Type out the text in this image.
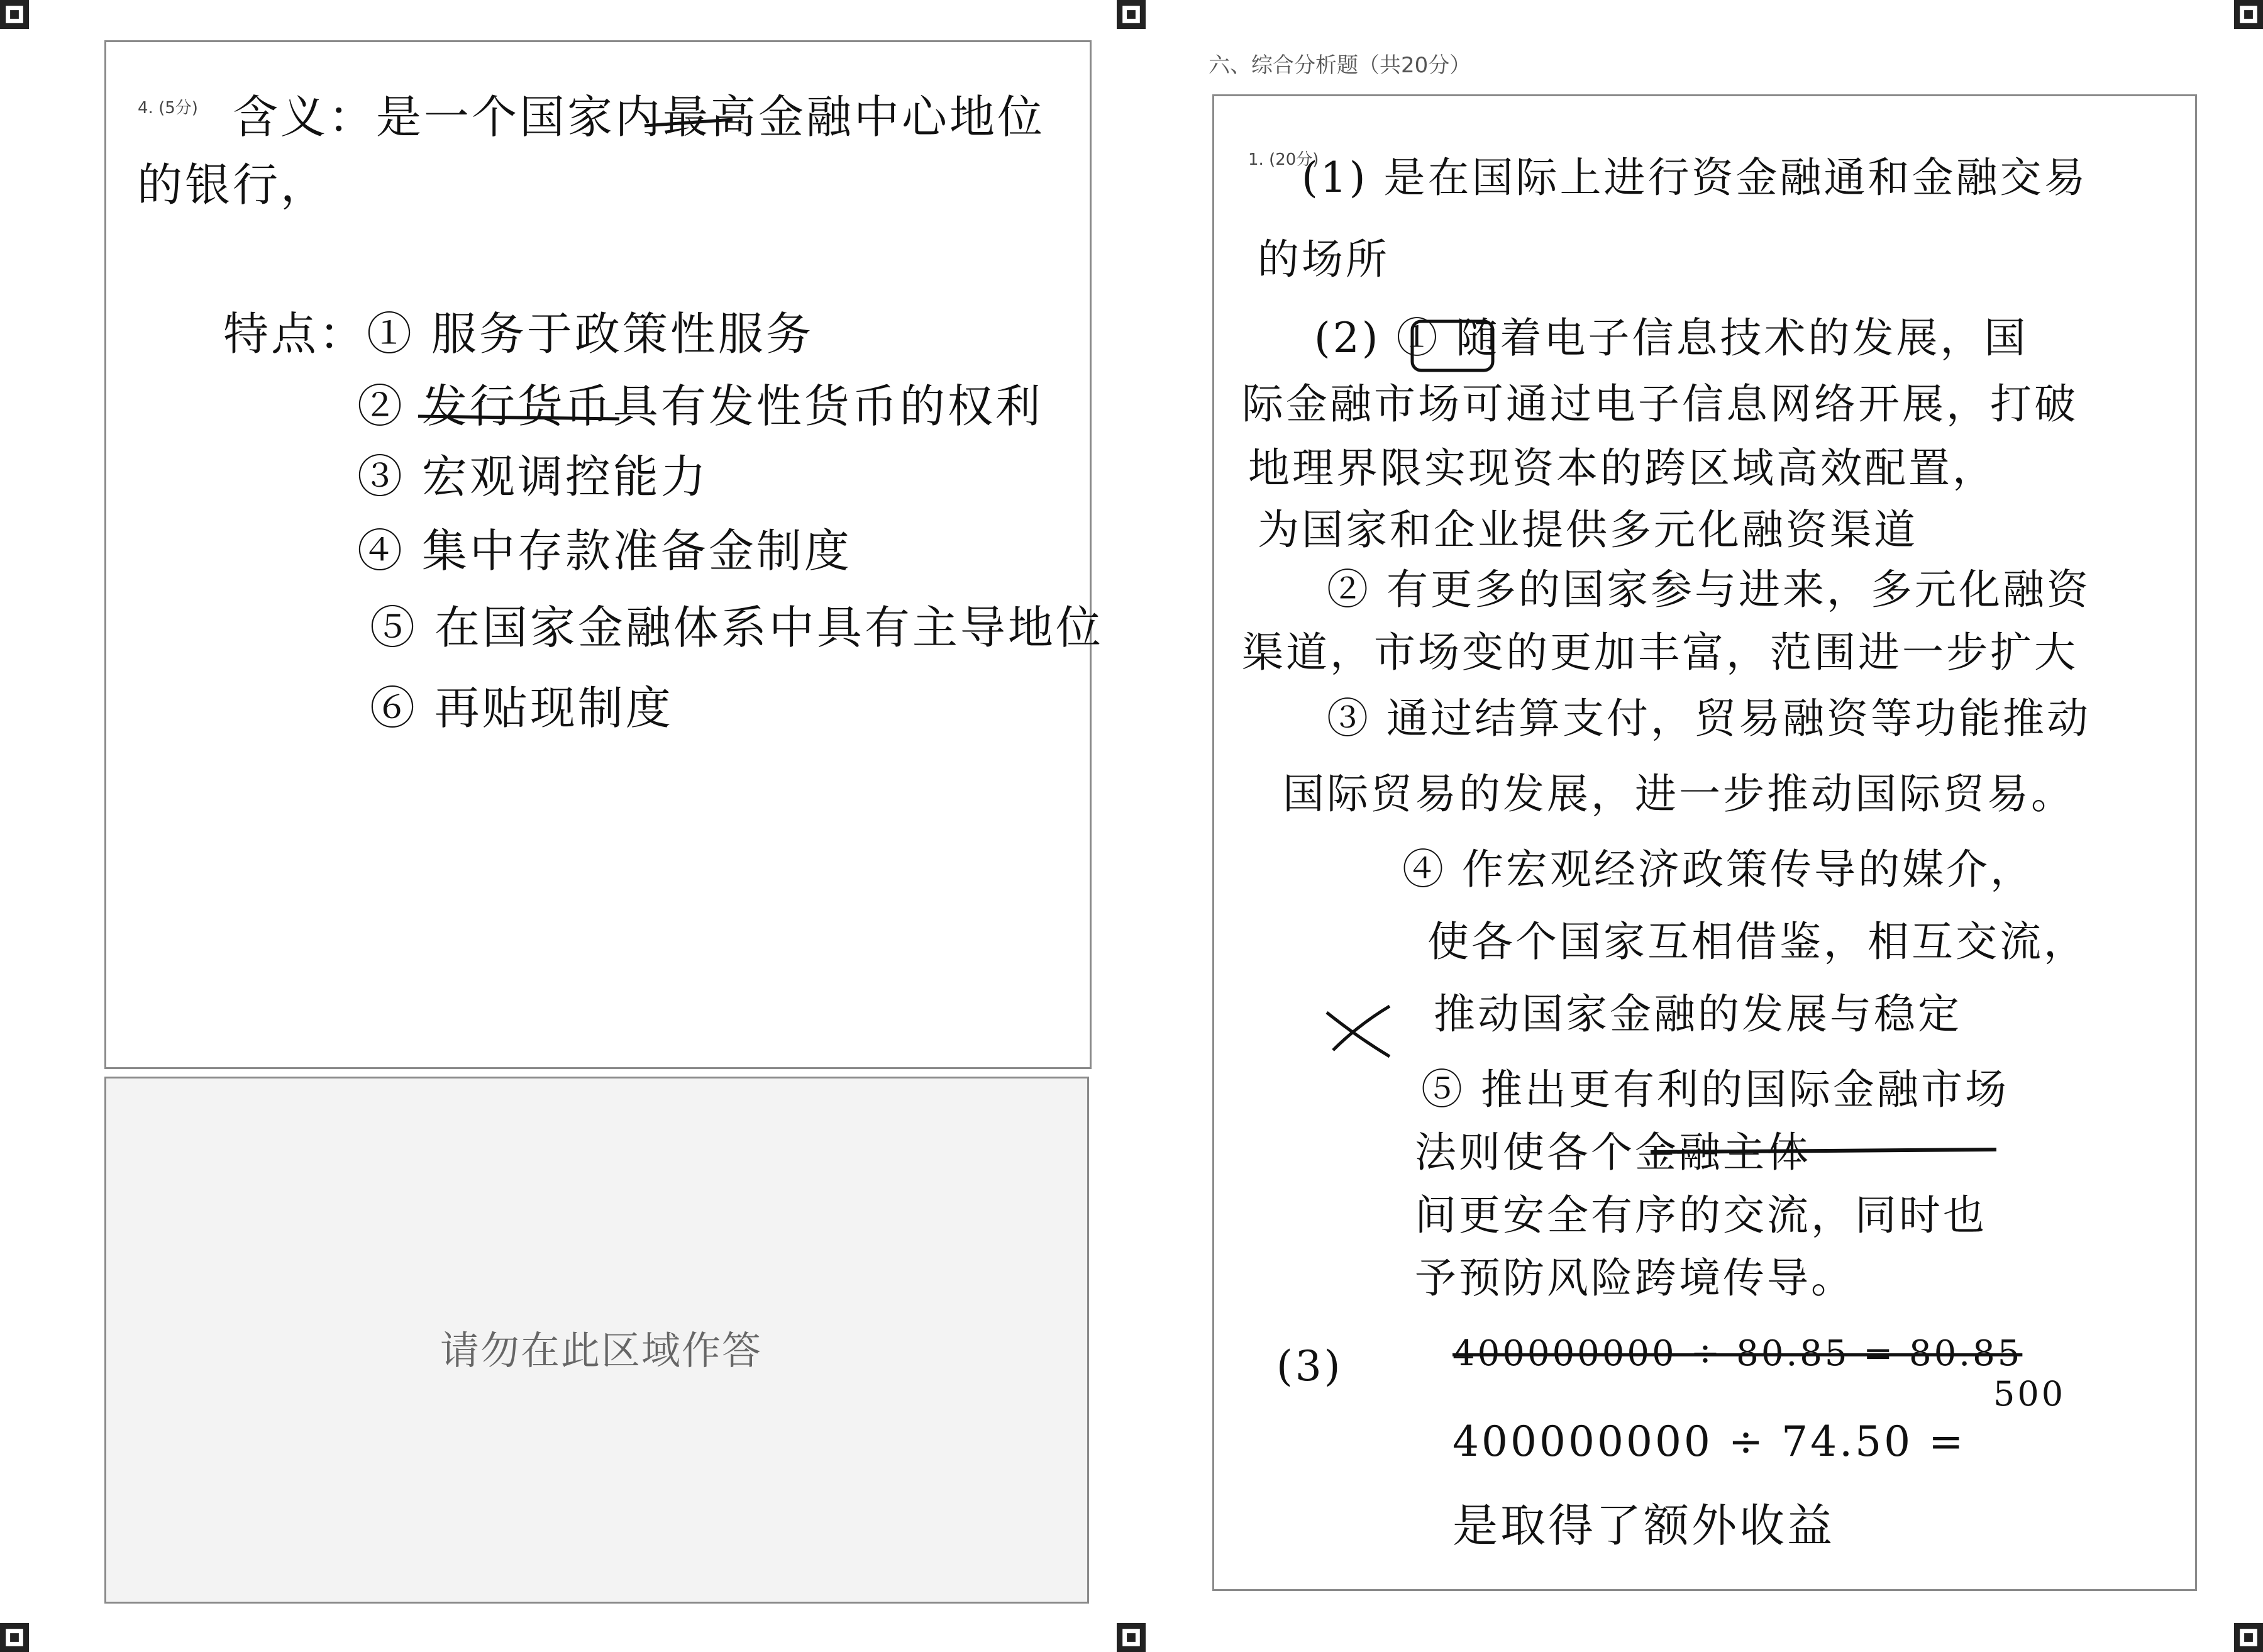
4. (5分) 含义：是一个国家内最高金融中心地位
的银行，
特点：① 服务于政策性服务
② 发行货币具有发性货币的权利
③ 宏观调控能力
④ 集中存款准备金制度
⑤ 在国家金融体系中具有主导地位
⑥ 再贴现制度
请勿在此区域作答
六、综合分析题（共20分）
1. (20分)
(1) 是在国际上进行资金融通和金融交易
的场所
(2) ① 随着电子信息技术的发展，国
际金融市场可通过电子信息网络开展，打破
地理界限实现资本的跨区域高效配置，
为国家和企业提供多元化融资渠道
② 有更多的国家参与进来，多元化融资
渠道，市场变的更加丰富，范围进一步扩大
③ 通过结算支付，贸易融资等功能推动
国际贸易的发展，进一步推动国际贸易。
④ 作宏观经济政策传导的媒介，
使各个国家互相借鉴，相互交流，
推动国家金融的发展与稳定
⑤ 推出更有利的国际金融市场
法则使各个金融主体
间更安全有序的交流，同时也
予预防风险跨境传导。
(3)	400000000 ÷ 80.85 = 80.85
500
400000000 ÷ 74.50 =
是取得了额外收益
